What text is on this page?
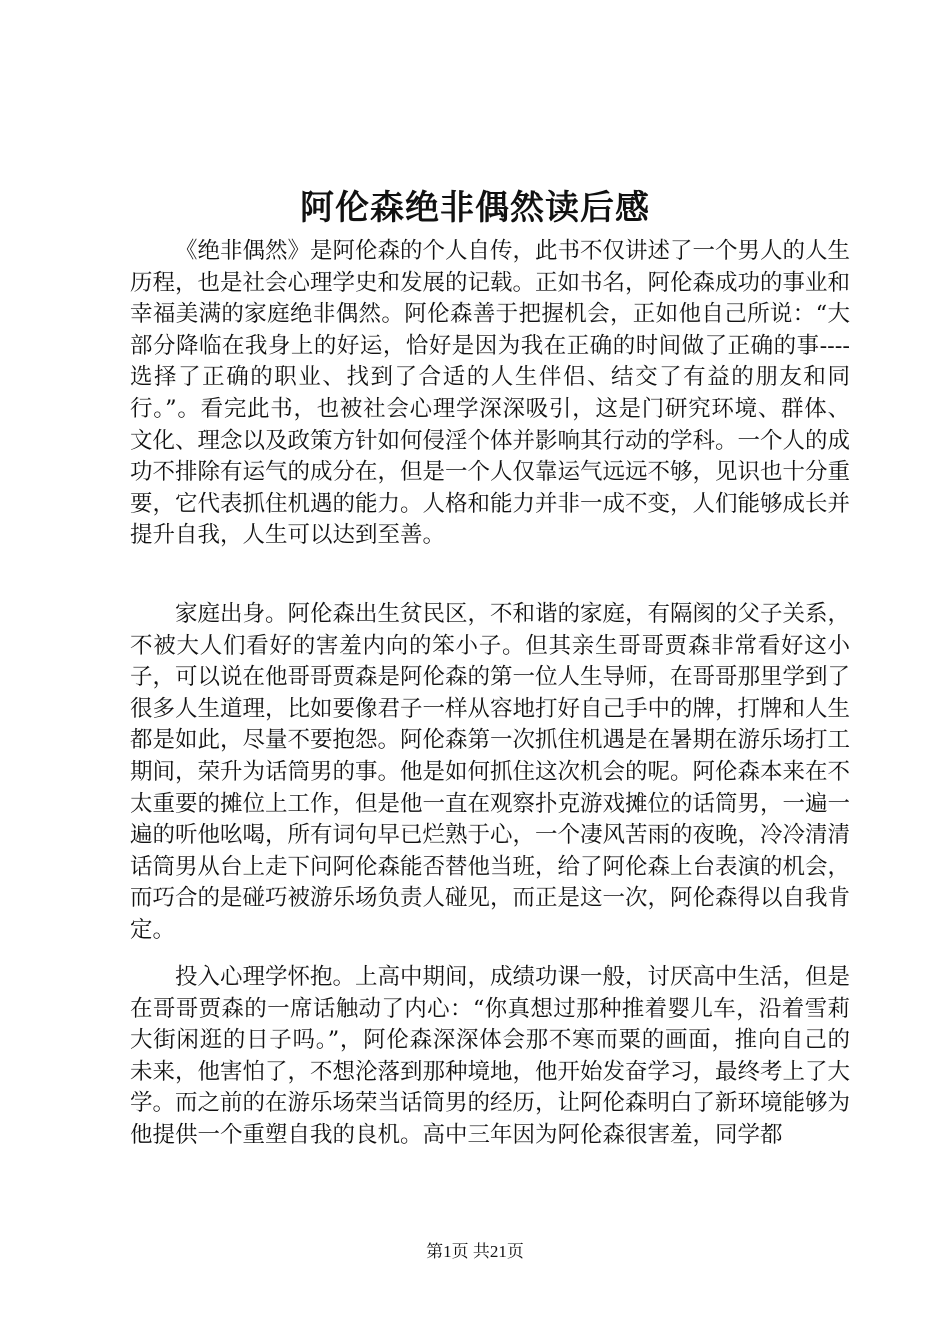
阿伦森绝非偶然读后感

《绝非偶然》是阿伦森的个人自传，此书不仅讲述了一个男人的人生历程，也是社会心理学史和发展的记载。正如书名，阿伦森成功的事业和幸福美满的家庭绝非偶然。阿伦森善于把握机会，正如他自己所说：“大部分降临在我身上的好运，恰好是因为我在正确的时间做了正确的事----选择了正确的职业、找到了合适的人生伴侣、结交了有益的朋友和同行。”。看完此书，也被社会心理学深深吸引，这是门研究环境、群体、文化、理念以及政策方针如何侵淫个体并影响其行动的学科。一个人的成功不排除有运气的成分在，但是一个人仅靠运气远远不够，见识也十分重要，它代表抓住机遇的能力。人格和能力并非一成不变，人们能够成长并提升自我，人生可以达到至善。

家庭出身。阿伦森出生贫民区，不和谐的家庭，有隔阂的父子关系，不被大人们看好的害羞内向的笨小子。但其亲生哥哥贾森非常看好这小子，可以说在他哥哥贾森是阿伦森的第一位人生导师，在哥哥那里学到了很多人生道理，比如要像君子一样从容地打好自己手中的牌，打牌和人生都是如此，尽量不要抱怨。阿伦森第一次抓住机遇是在暑期在游乐场打工期间，荣升为话筒男的事。他是如何抓住这次机会的呢。阿伦森本来在不太重要的摊位上工作，但是他一直在观察扑克游戏摊位的话筒男，一遍一遍的听他吆喝，所有词句早已烂熟于心，一个凄风苦雨的夜晚，冷冷清清话筒男从台上走下问阿伦森能否替他当班，给了阿伦森上台表演的机会，而巧合的是碰巧被游乐场负责人碰见，而正是这一次，阿伦森得以自我肯定。

投入心理学怀抱。上高中期间，成绩功课一般，讨厌高中生活，但是在哥哥贾森的一席话触动了内心：“你真想过那种推着婴儿车，沿着雪莉大街闲逛的日子吗。”，阿伦森深深体会那不寒而粟的画面，推向自己的未来，他害怕了，不想沦落到那种境地，他开始发奋学习，最终考上了大学。而之前的在游乐场荣当话筒男的经历，让阿伦森明白了新环境能够为他提供一个重塑自我的良机。高中三年因为阿伦森很害羞，同学都

第1页 共21页
